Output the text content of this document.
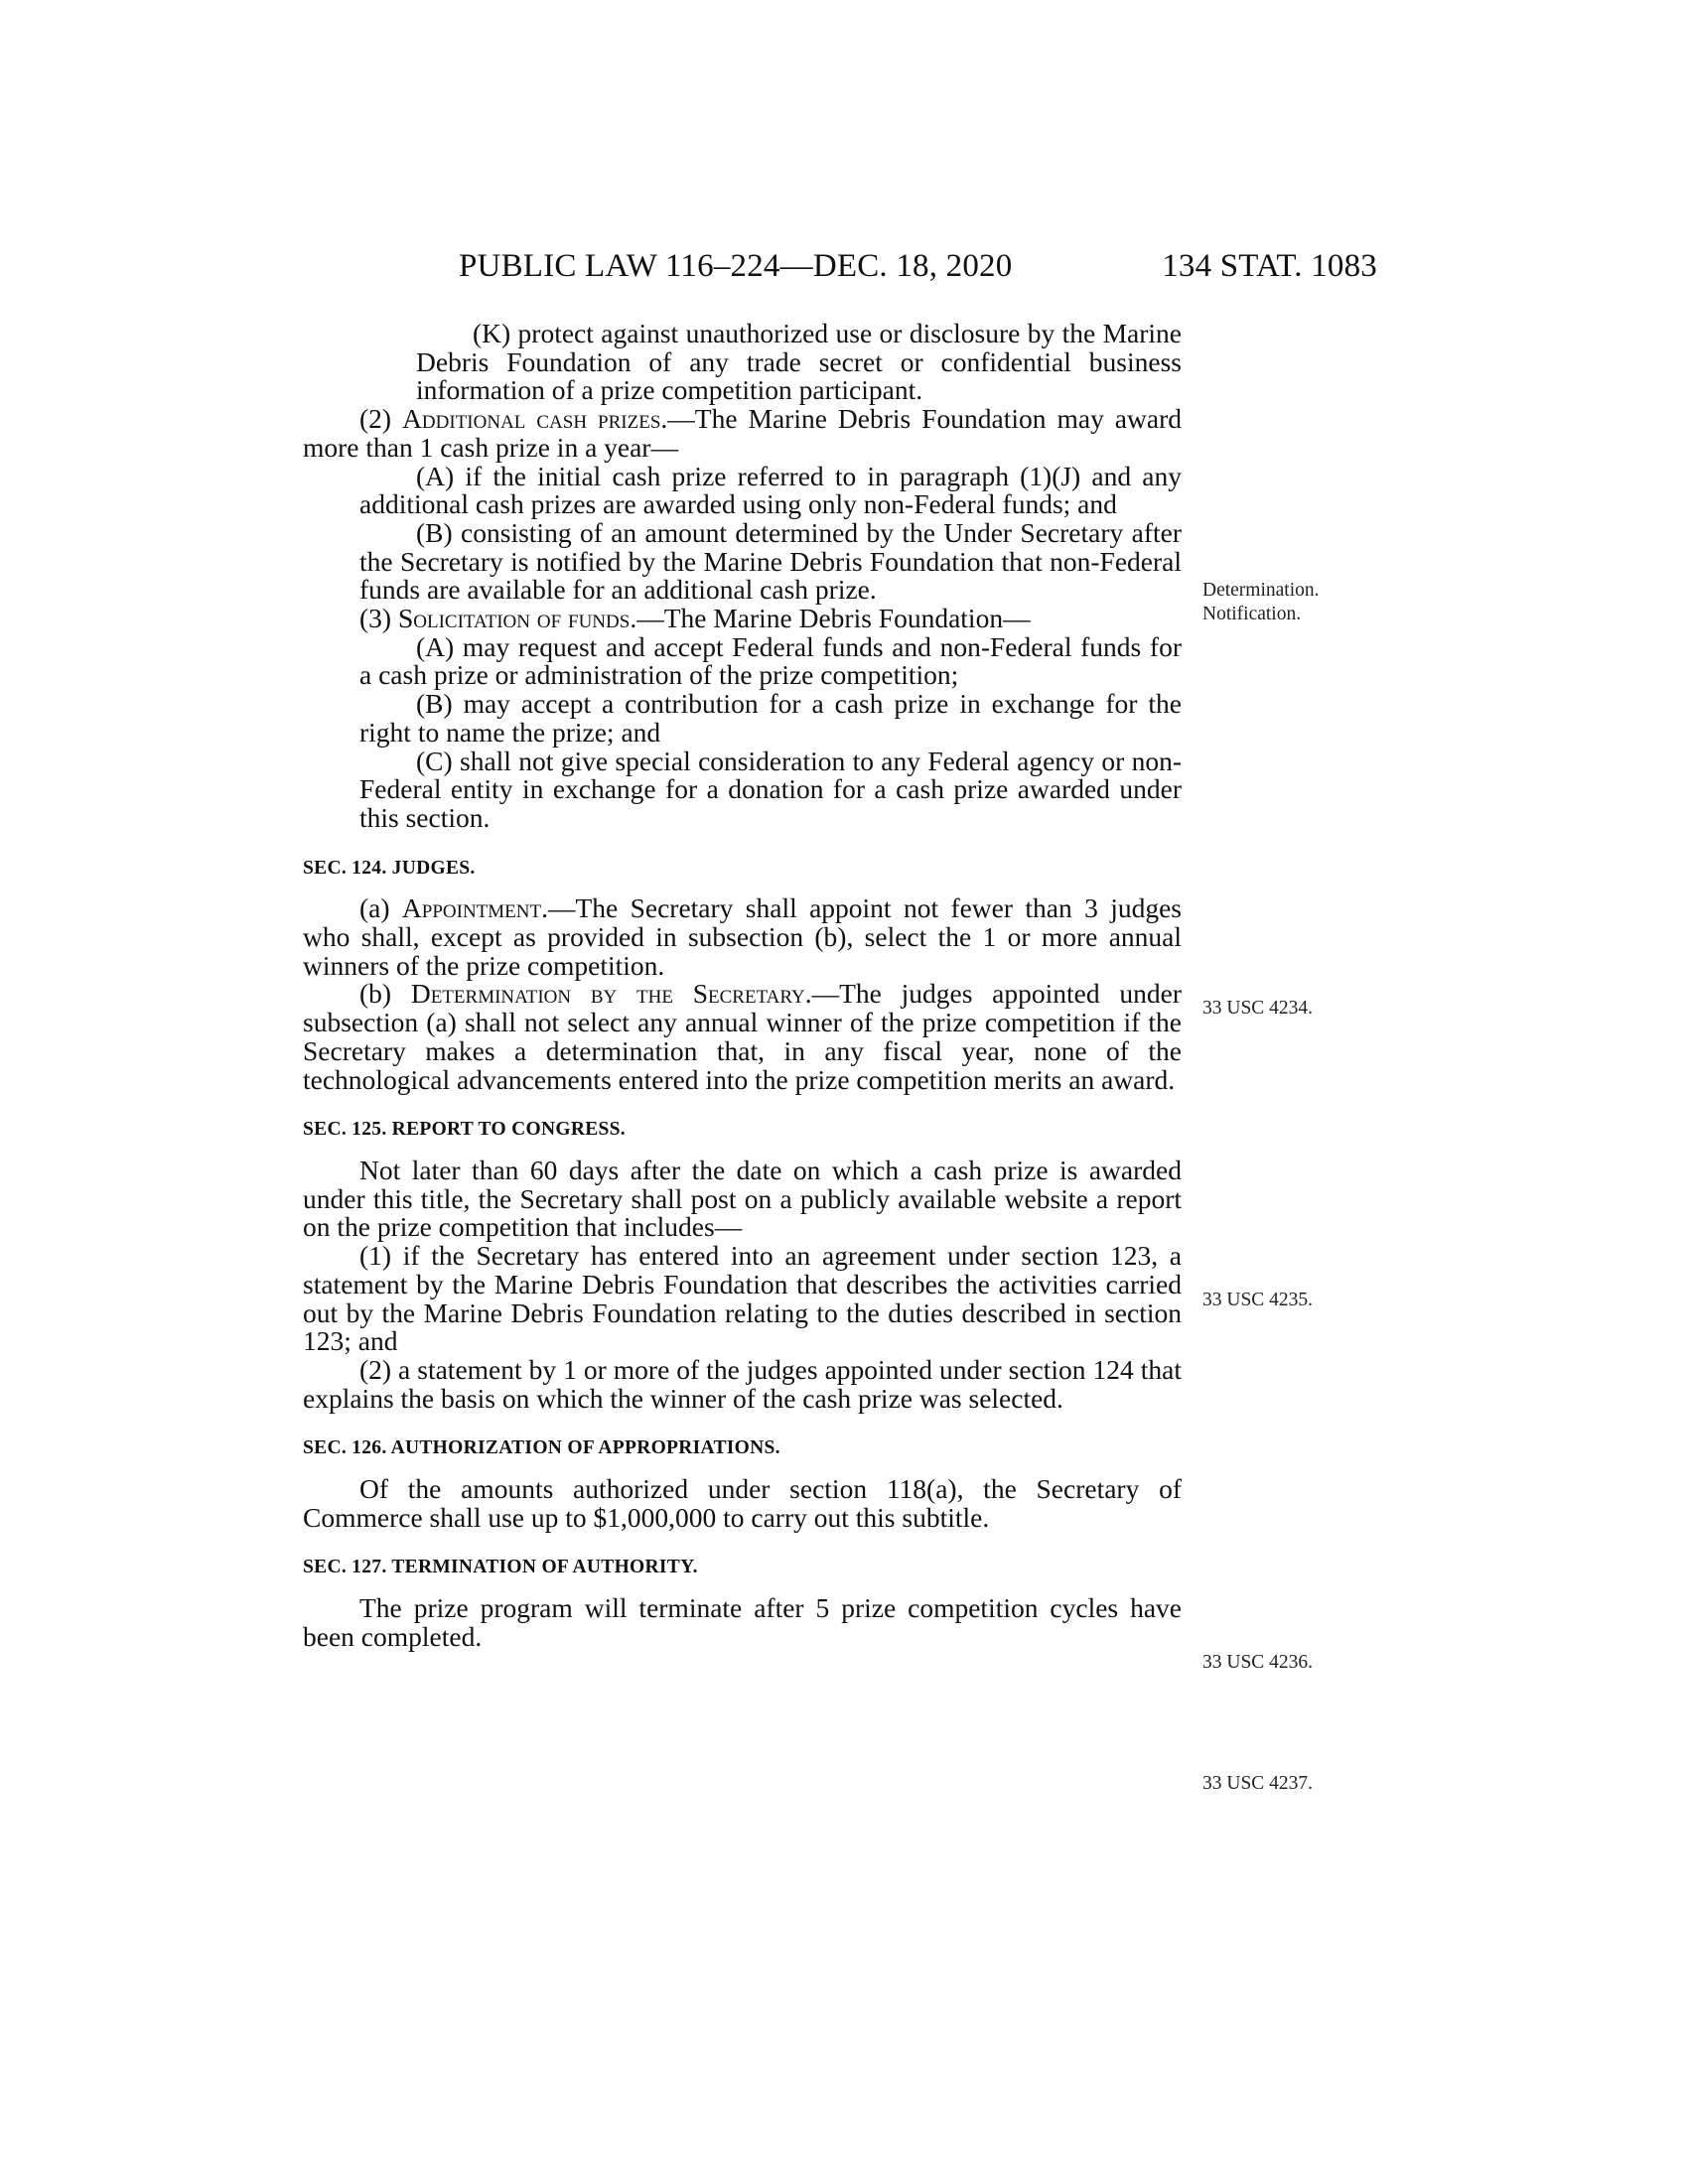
PUBLIC LAW 116–224—DEC. 18, 2020	134 STAT. 1083

(K) protect against unauthorized use or disclosure by the Marine Debris Foundation of any trade secret or confidential business information of a prize competition participant.

(2) Additional cash prizes.—The Marine Debris Foundation may award more than 1 cash prize in a year—

(A) if the initial cash prize referred to in paragraph (1)(J) and any additional cash prizes are awarded using only non-Federal funds; and

(B) consisting of an amount determined by the Under Secretary after the Secretary is notified by the Marine Debris Foundation that non-Federal funds are available for an additional cash prize.

(3) Solicitation of funds.—The Marine Debris Foundation—

(A) may request and accept Federal funds and non-Federal funds for a cash prize or administration of the prize competition;

(B) may accept a contribution for a cash prize in exchange for the right to name the prize; and

(C) shall not give special consideration to any Federal agency or non-Federal entity in exchange for a donation for a cash prize awarded under this section.

SEC. 124. JUDGES.

(a) Appointment.—The Secretary shall appoint not fewer than 3 judges who shall, except as provided in subsection (b), select the 1 or more annual winners of the prize competition.

(b) Determination by the Secretary.—The judges appointed under subsection (a) shall not select any annual winner of the prize competition if the Secretary makes a determination that, in any fiscal year, none of the technological advancements entered into the prize competition merits an award.

SEC. 125. REPORT TO CONGRESS.

Not later than 60 days after the date on which a cash prize is awarded under this title, the Secretary shall post on a publicly available website a report on the prize competition that includes—

(1) if the Secretary has entered into an agreement under section 123, a statement by the Marine Debris Foundation that describes the activities carried out by the Marine Debris Foundation relating to the duties described in section 123; and

(2) a statement by 1 or more of the judges appointed under section 124 that explains the basis on which the winner of the cash prize was selected.

SEC. 126. AUTHORIZATION OF APPROPRIATIONS.

Of the amounts authorized under section 118(a), the Secretary of Commerce shall use up to $1,000,000 to carry out this subtitle.

SEC. 127. TERMINATION OF AUTHORITY.

The prize program will terminate after 5 prize competition cycles have been completed.

Determination.
Notification.
33 USC 4234.
33 USC 4235.
33 USC 4236.
33 USC 4237.
